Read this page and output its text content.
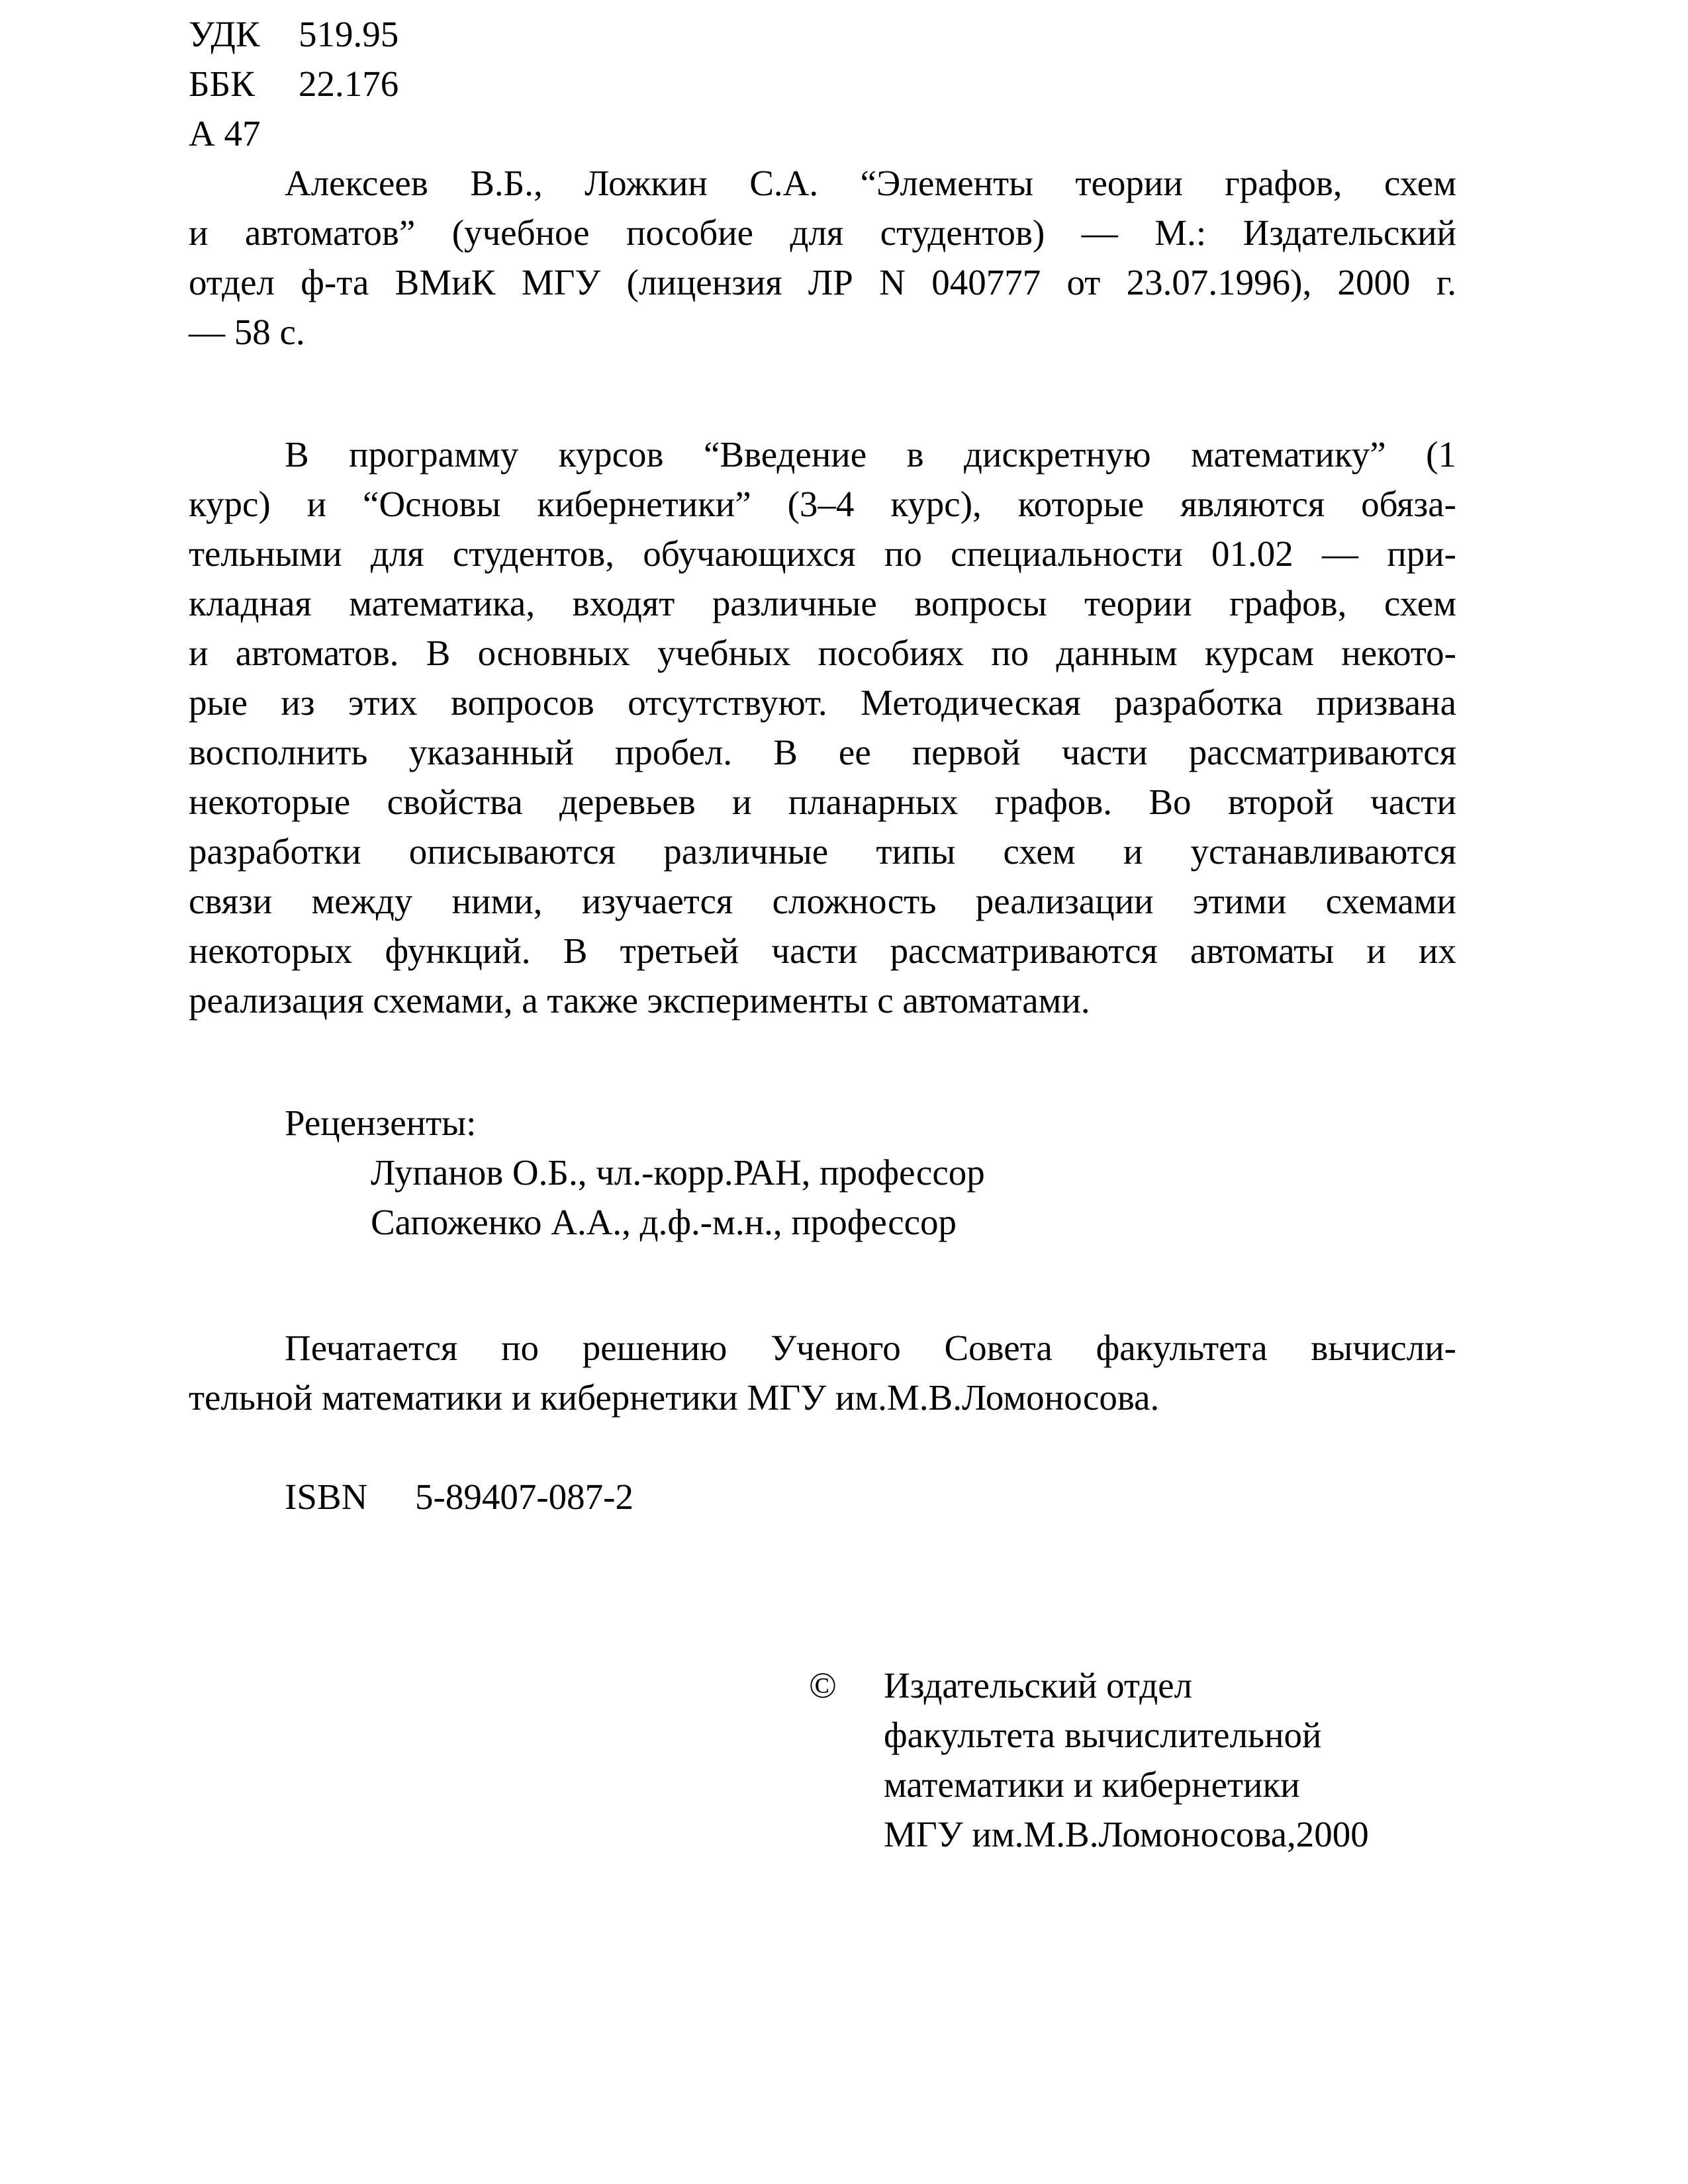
УДК 519.95
ББК 22.176
А 47
Алексеев В.Б., Ложкин С.А. “Элементы теории графов, схем
и автоматов” (учебное пособие для студентов) — М.: Издательский
отдел ф-та ВМиК МГУ (лицензия ЛР N 040777 от 23.07.1996), 2000 г.
— 58 с.
В программу курсов “Введение в дискретную математику” (1
курс) и “Основы кибернетики” (3–4 курс), которые являются обяза-
тельными для студентов, обучающихся по специальности 01.02 — при-
кладная математика, входят различные вопросы теории графов, схем
и автоматов. В основных учебных пособиях по данным курсам некото-
рые из этих вопросов отсутствуют. Методическая разработка призвана
восполнить указанный пробел. В ее первой части рассматриваются
некоторые свойства деревьев и планарных графов. Во второй части
разработки описываются различные типы схем и устанавливаются
связи между ними, изучается сложность реализации этими схемами
некоторых функций. В третьей части рассматриваются автоматы и их
реализация схемами, а также эксперименты с автоматами.
Рецензенты:
Лупанов О.Б., чл.-корр.РАН, профессор
Сапоженко А.А., д.ф.-м.н., профессор
Печатается по решению Ученого Совета факультета вычисли-
тельной математики и кибернетики МГУ им.М.В.Ломоносова.
ISBN 5-89407-087-2
© Издательский отдел
факультета вычислительной
математики и кибернетики
МГУ им.М.В.Ломоносова,2000
